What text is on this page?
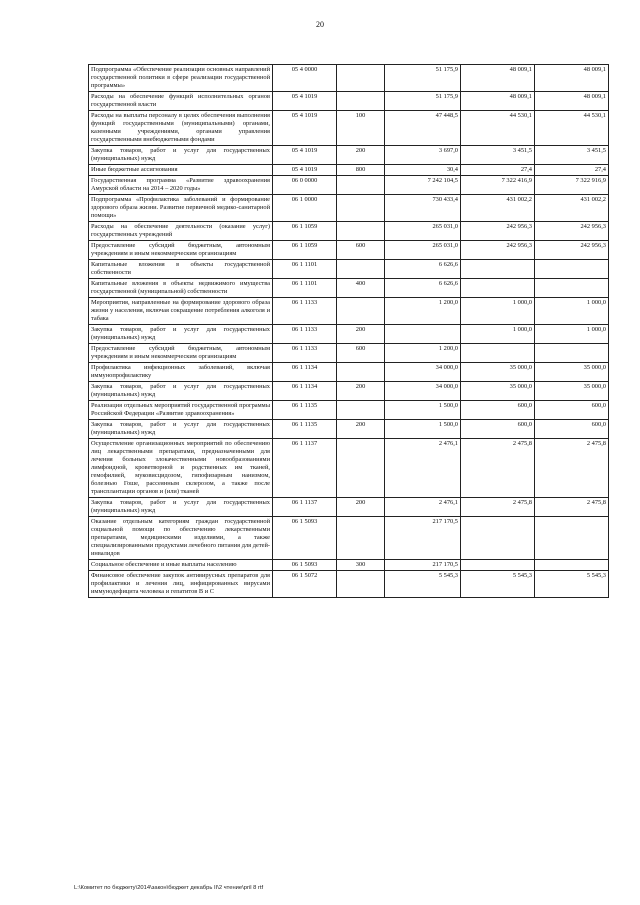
20
Подпрограмма «Обеспечение реализации основных направлений государственной политики в сфере реализации государственной программы»	05 4 0000		51 175,9	48 009,1	48 009,1
Расходы на обеспечение функций исполнительных органов государственной власти	05 4 1019		51 175,9	48 009,1	48 009,1
Расходы на выплаты персоналу в целях обеспечения выполнения функций государственными (муниципальными) органами, казенными учреждениями, органами управления государственными внебюджетными фондами	05 4 1019	100	47 448,5	44 530,1	44 530,1
Закупка товаров, работ и услуг для государственных (муниципальных) нужд	05 4 1019	200	3 697,0	3 451,5	3 451,5
Иные бюджетные ассигнования	05 4 1019	800	30,4	27,4	27,4
Государственная программа «Развитие здравоохранения Амурской области на 2014 – 2020 годы»	06 0 0000		7 242 104,5	7 322 416,9	7 322 916,9
Подпрограмма «Профилактика заболеваний и формирование здорового образа жизни. Развитие первичной медико-санитарной помощи»	06 1 0000		730 433,4	431 002,2	431 002,2
Расходы на обеспечение деятельности (оказание услуг) государственных учреждений	06 1 1059		265 031,0	242 956,3	242 956,3
Предоставление субсидий бюджетным, автономным учреждениям и иным некоммерческим организациям	06 1 1059	600	265 031,0	242 956,3	242 956,3
Капитальные вложения в объекты государственной собственности	06 1 1101		6 626,6		
Капитальные вложения в объекты недвижимого имущества государственной (муниципальной) собственности	06 1 1101	400	6 626,6		
Мероприятия, направленные на формирование здорового образа жизни у населения, включая сокращение потребления алкоголя и табака	06 1 1133		1 200,0	1 000,0	1 000,0
Закупка товаров, работ и услуг для государственных (муниципальных) нужд	06 1 1133	200		1 000,0	1 000,0
Предоставление субсидий бюджетным, автономным учреждениям и иным некоммерческим организациям	06 1 1133	600	1 200,0		
Профилактика инфекционных заболеваний, включая иммунопрофилактику	06 1 1134		34 000,0	35 000,0	35 000,0
Закупка товаров, работ и услуг для государственных (муниципальных) нужд	06 1 1134	200	34 000,0	35 000,0	35 000,0
Реализация отдельных мероприятий государственной программы Российской Федерации «Развитие здравоохранения»	06 1 1135		1 500,0	600,0	600,0
Закупка товаров, работ и услуг для государственных (муниципальных) нужд	06 1 1135	200	1 500,0	600,0	600,0
Осуществление организационных мероприятий по обеспечению лиц лекарственными препаратами, предназначенными для лечения больных злокачественными новообразованиями лимфоидной, кроветворной и родственных им тканей, гемофилией, муковисцидозом, гипофизарным нанизмом, болезнью Гоше, рассеянным склерозом, а также после трансплантации органов и (или) тканей	06 1 1137		2 476,1	2 475,8	2 475,8
Закупка товаров, работ и услуг для государственных (муниципальных) нужд	06 1 1137	200	2 476,1	2 475,8	2 475,8
Оказание отдельным категориям граждан государственной социальной помощи по обеспечению лекарственными препаратами, медицинскими изделиями, а также специализированными продуктами лечебного питания для детей-инвалидов	06 1 5093		217 170,5		
Социальное обеспечение и иные выплаты населению	06 1 5093	300	217 170,5		
Финансовое обеспечение закупок антивирусных препаратов для профилактики и лечения лиц, инфицированных вирусами иммунодефицита человека и гепатитов В и С	06 1 5072		5 545,3	5 545,3	5 545,3
L:\Комитет по бюджету\2014\закон\бюджет декабрь II\2 чтение\pril 8 rtf
